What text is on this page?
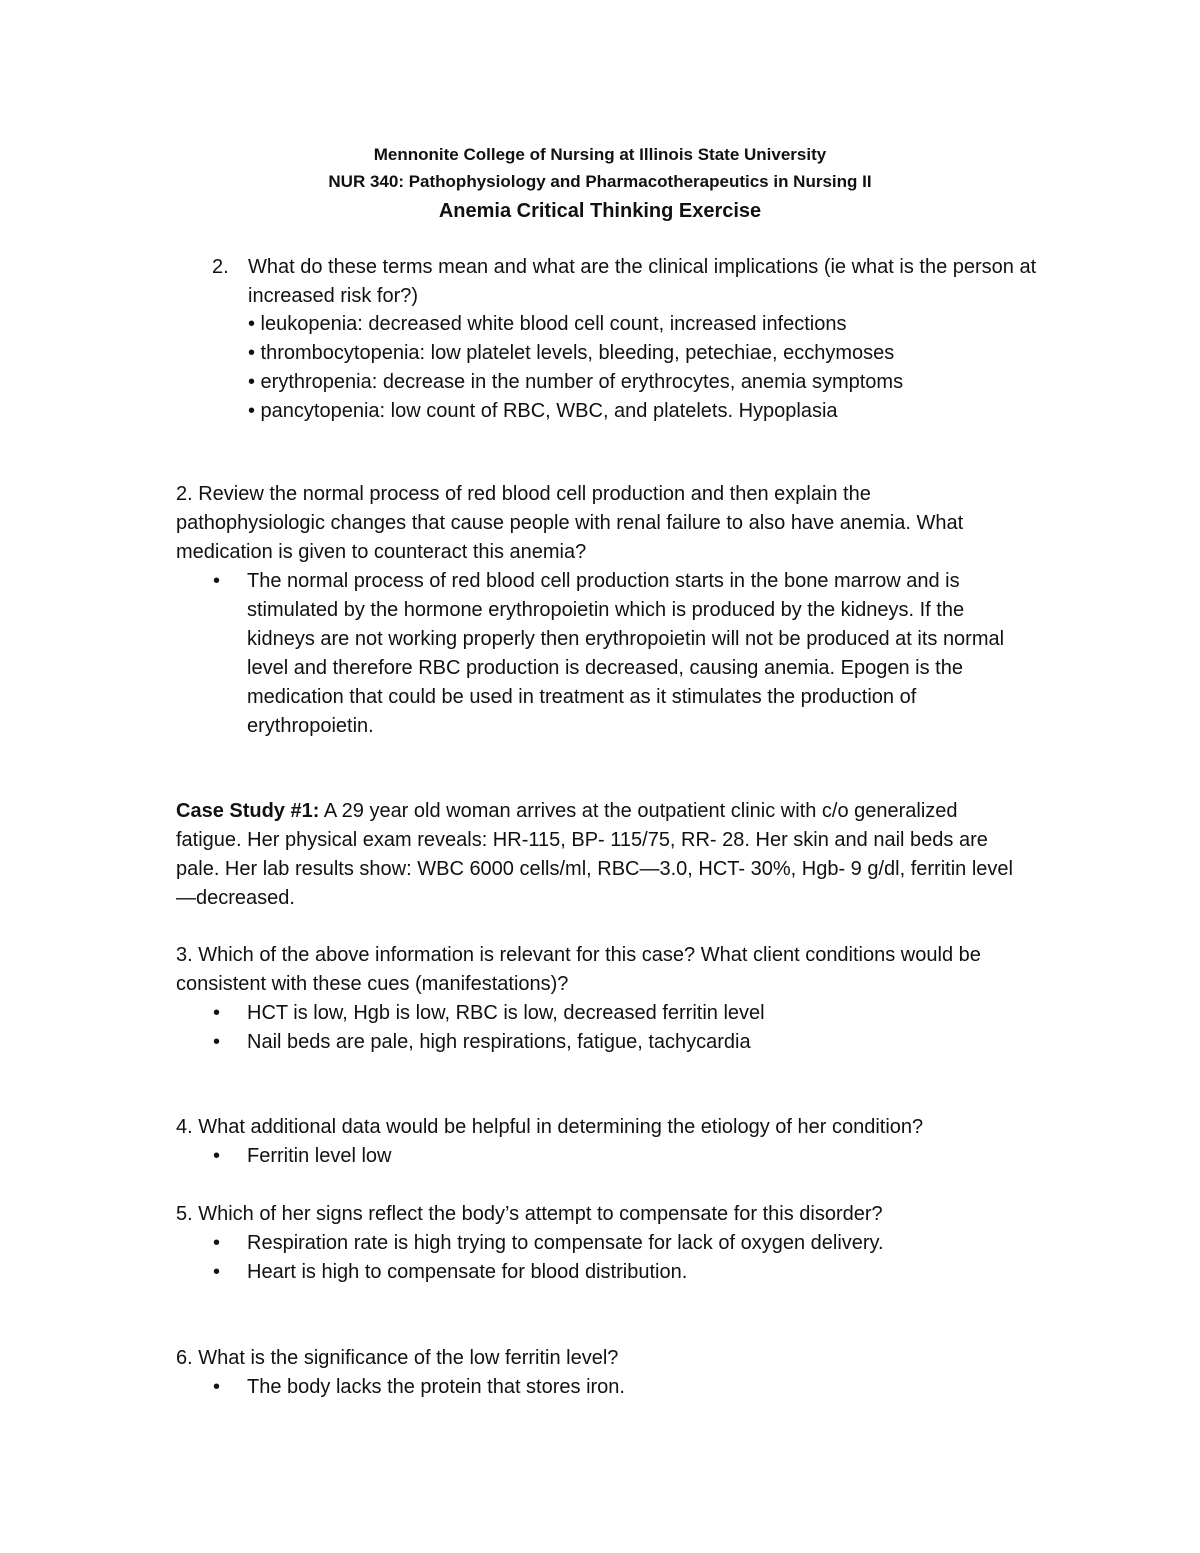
Mennonite College of Nursing at Illinois State University
NUR 340: Pathophysiology and Pharmacotherapeutics in Nursing II
Anemia Critical Thinking Exercise
2. What do these terms mean and what are the clinical implications (ie what is the person at increased risk for?)

• leukopenia: decreased white blood cell count, increased infections
• thrombocytopenia: low platelet levels, bleeding, petechiae, ecchymoses
• erythropenia: decrease in the number of erythrocytes, anemia symptoms
• pancytopenia: low count of RBC, WBC, and platelets. Hypoplasia

2. Review the normal process of red blood cell production and then explain the pathophysiologic changes that cause people with renal failure to also have anemia. What medication is given to counteract this anemia?

• The normal process of red blood cell production starts in the bone marrow and is stimulated by the hormone erythropoietin which is produced by the kidneys. If the kidneys are not working properly then erythropoietin will not be produced at its normal level and therefore RBC production is decreased, causing anemia. Epogen is the medication that could be used in treatment as it stimulates the production of erythropoietin.

Case Study #1: A 29 year old woman arrives at the outpatient clinic with c/o generalized fatigue. Her physical exam reveals: HR-115, BP- 115/75, RR- 28. Her skin and nail beds are pale. Her lab results show: WBC 6000 cells/ml, RBC—3.0, HCT- 30%, Hgb- 9 g/dl, ferritin level—decreased.

3. Which of the above information is relevant for this case? What client conditions would be consistent with these cues (manifestations)?

• HCT is low, Hgb is low, RBC is low, decreased ferritin level
• Nail beds are pale, high respirations, fatigue, tachycardia

4. What additional data would be helpful in determining the etiology of her condition?

• Ferritin level low

5. Which of her signs reflect the body’s attempt to compensate for this disorder?

• Respiration rate is high trying to compensate for lack of oxygen delivery.
• Heart is high to compensate for blood distribution.

6. What is the significance of the low ferritin level?

• The body lacks the protein that stores iron.
